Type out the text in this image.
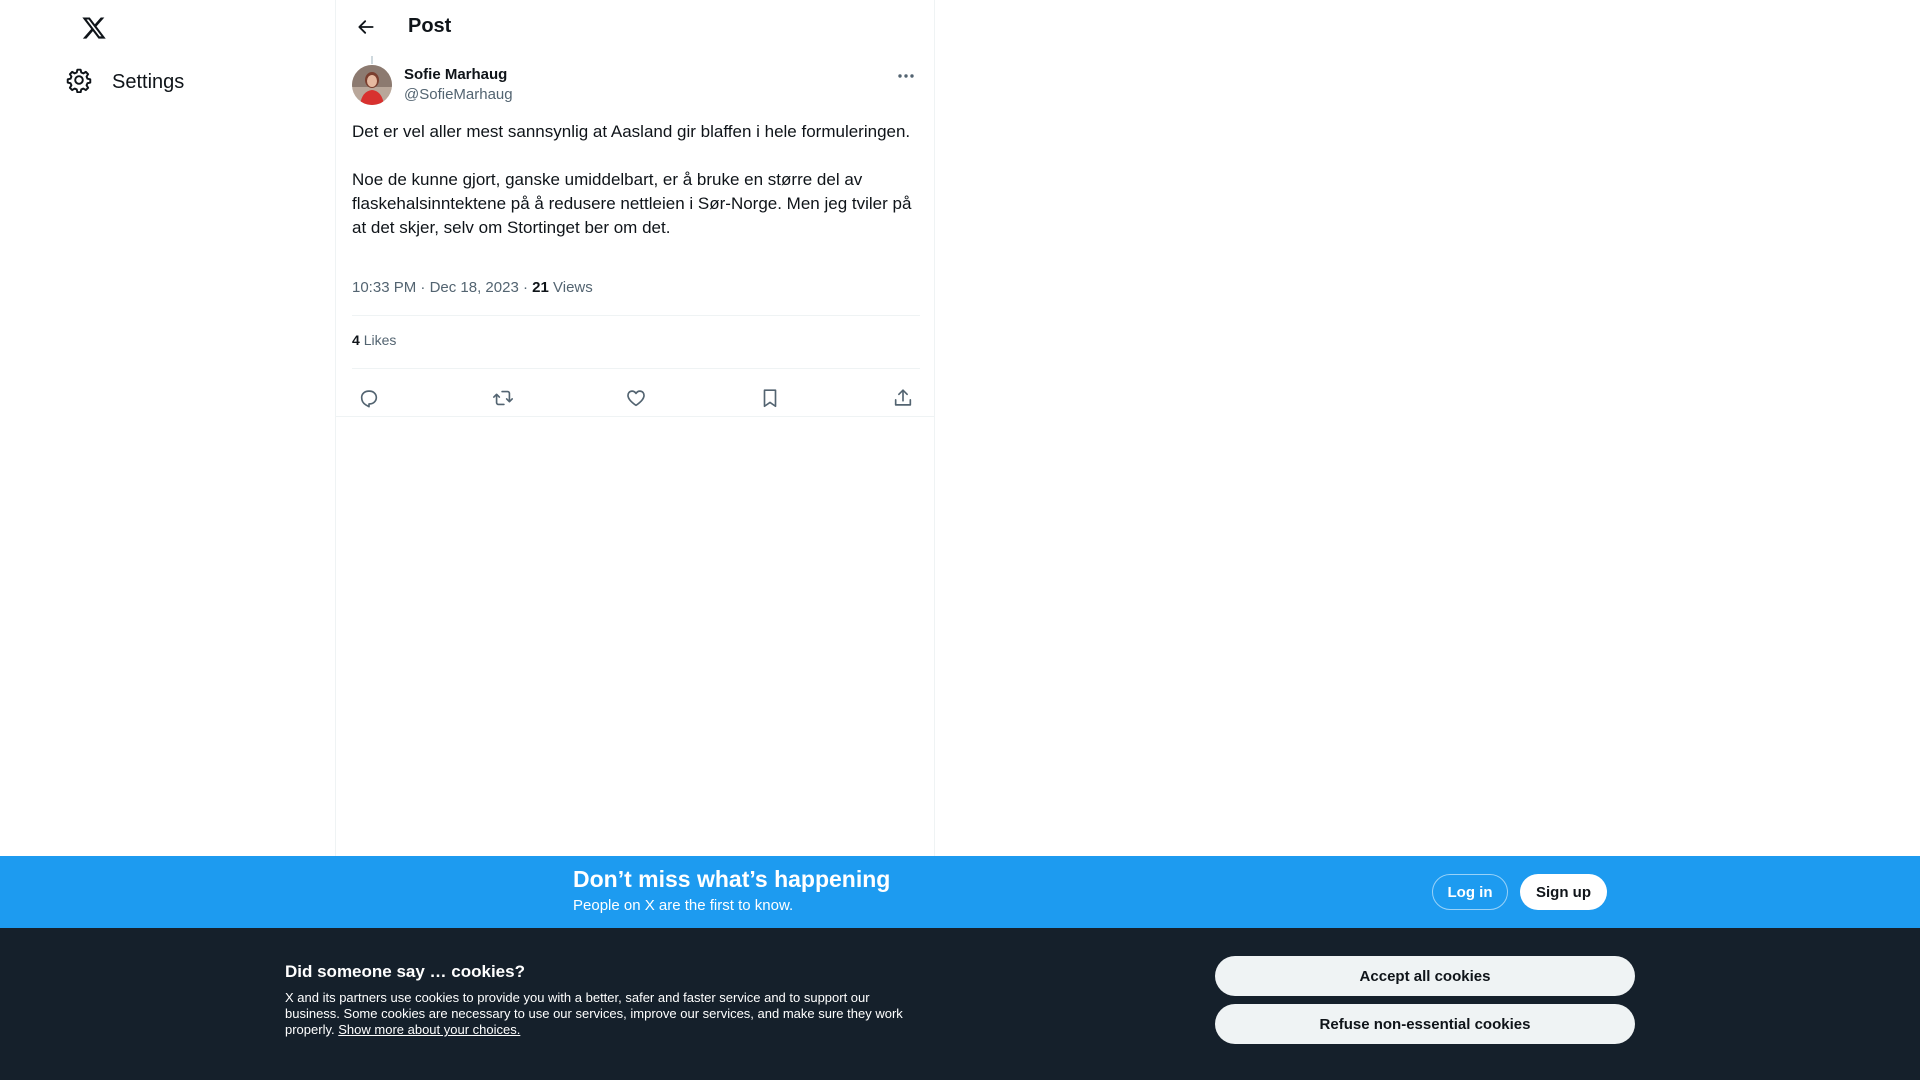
Settings
Post
Sofie Marhaug
@SofieMarhaug
Det er vel aller mest sannsynlig at Aasland gir blaffen i hele formuleringen.

Noe de kunne gjort, ganske umiddelbart, er å bruke en større del av flaskehalsinntektene på å redusere nettleien i Sør-Norge. Men jeg tviler på at det skjer, selv om Stortinget ber om det.
10:33 PM · Dec 18, 2023 · 21 Views
4 Likes
Don’t miss what’s happening
People on X are the first to know.
Log in	Sign up
Did someone say … cookies?
X and its partners use cookies to provide you with a better, safer and faster service and to support our business. Some cookies are necessary to use our services, improve our services, and make sure they work properly. Show more about your choices.
Accept all cookies
Refuse non-essential cookies
